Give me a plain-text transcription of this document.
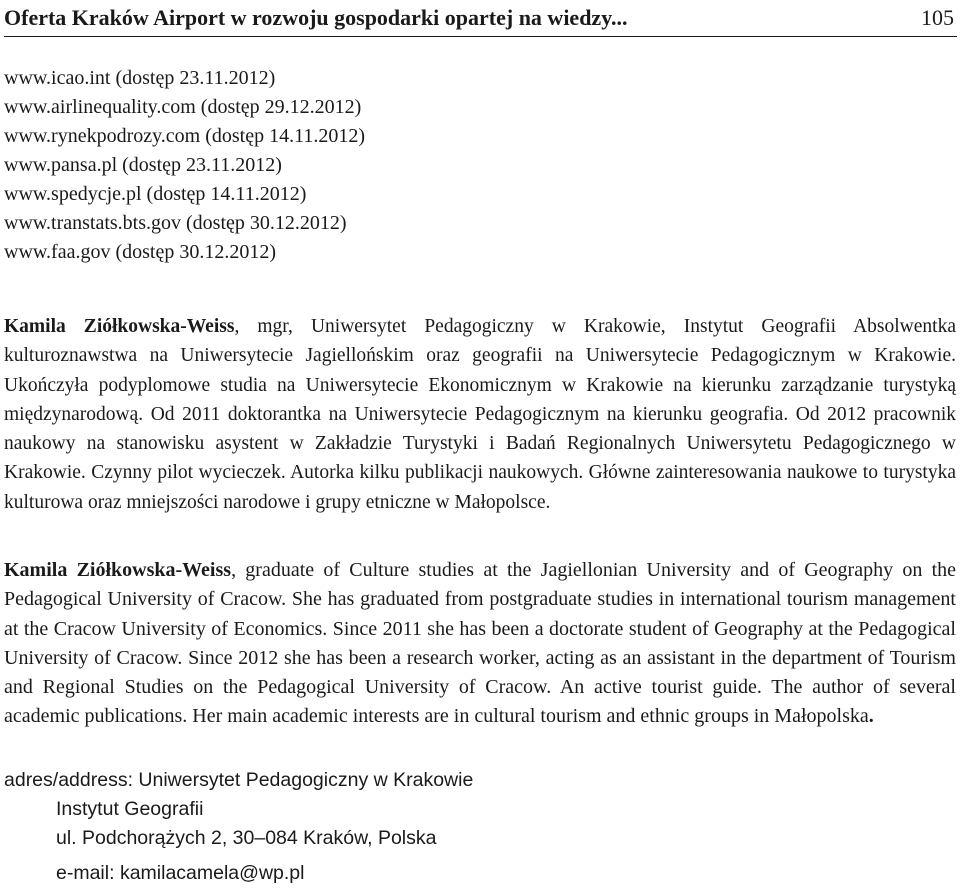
Oferta Kraków Airport w rozwoju gospodarki opartej na wiedzy...	105
www.icao.int (dostęp 23.11.2012)
www.airlinequality.com (dostęp 29.12.2012)
www.rynekpodrozy.com (dostęp 14.11.2012)
www.pansa.pl (dostęp 23.11.2012)
www.spedycje.pl (dostęp 14.11.2012)
www.transtats.bts.gov (dostęp 30.12.2012)
www.faa.gov (dostęp 30.12.2012)

Kamila Ziółkowska-Weiss, mgr, Uniwersytet Pedagogiczny w Krakowie, Instytut Geografii Absolwentka kulturoznawstwa na Uniwersytecie Jagiellońskim oraz geografii na Uniwersytecie Pedagogicznym w Krakowie. Ukończyła podyplomowe studia na Uniwersytecie Ekonomicznym w Krakowie na kierunku zarządzanie turystyką międzynarodową. Od 2011 doktorantka na Uniwersytecie Pedagogicznym na kierunku geografia. Od 2012 pracownik naukowy na stanowisku asystent w Zakładzie Turystyki i Badań Regionalnych Uniwersytetu Pedagogicznego w Krakowie. Czynny pilot wycieczek. Autorka kilku publikacji naukowych. Główne zainteresowania naukowe to turystyka kulturowa oraz mniejszości narodowe i grupy etniczne w Małopolsce.

Kamila Ziółkowska-Weiss, graduate of Culture studies at the Jagiellonian University and of Geography on the Pedagogical University of Cracow. She has graduated from postgraduate studies in international tourism management at the Cracow University of Economics. Since 2011 she has been a doctorate student of Geography at the Pedagogical University of Cracow. Since 2012 she has been a research worker, acting as an assistant in the department of Tourism and Regional Studies on the Pedagogical University of Cracow. An active tourist guide. The author of several academic publications. Her main academic interests are in cultural tourism and ethnic groups in Małopolska.

adres/address: Uniwersytet Pedagogiczny w Krakowie
Instytut Geografii
ul. Podchorążych 2, 30–084 Kraków, Polska
e-mail: kamilacamela@wp.pl
